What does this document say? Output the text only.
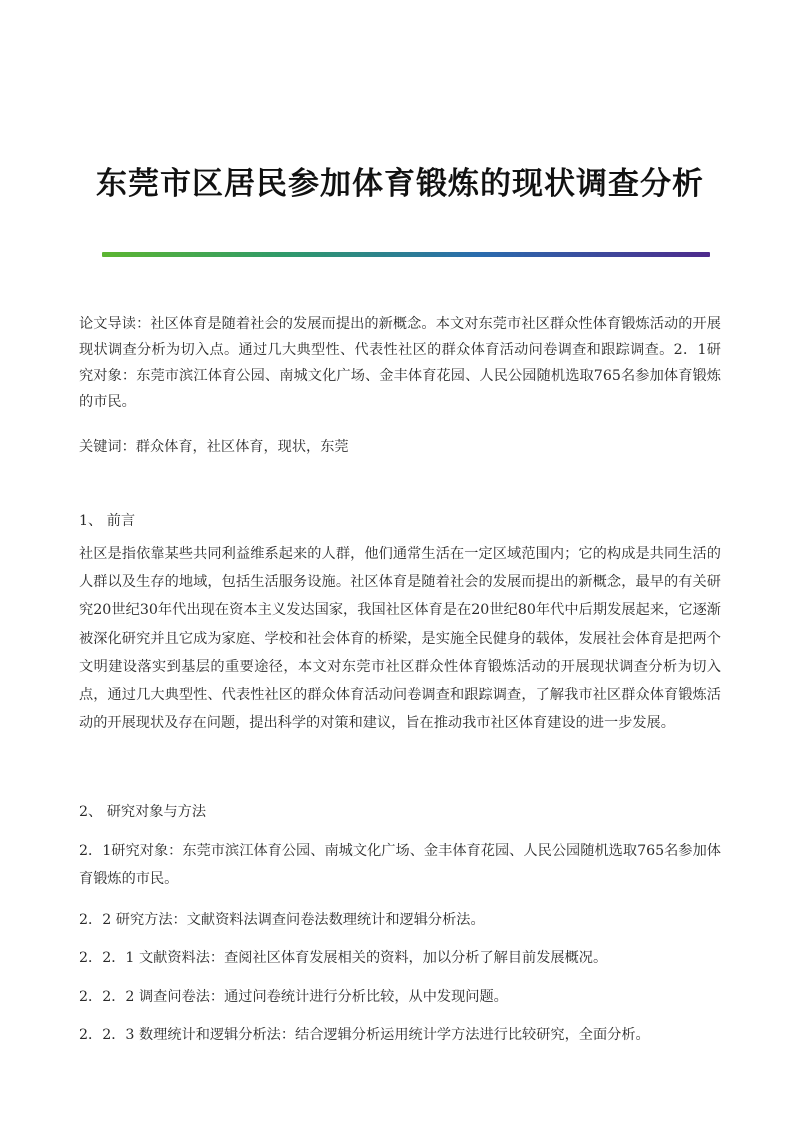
东莞市区居民参加体育锻炼的现状调查分析

论文导读：社区体育是随着社会的发展而提出的新概念。本文对东莞市社区群众性体育锻炼活动的开展现状调查分析为切入点。通过几大典型性、代表性社区的群众体育活动问卷调查和跟踪调查。2．1研究对象：东莞市滨江体育公园、南城文化广场、金丰体育花园、人民公园随机选取765名参加体育锻炼的市民。

关键词：群众体育，社区体育，现状，东莞

1、 前言

社区是指依靠某些共同利益维系起来的人群，他们通常生活在一定区域范围内；它的构成是共同生活的人群以及生存的地域，包括生活服务设施。社区体育是随着社会的发展而提出的新概念，最早的有关研究20世纪30年代出现在资本主义发达国家，我国社区体育是在20世纪80年代中后期发展起来，它逐渐被深化研究并且它成为家庭、学校和社会体育的桥梁，是实施全民健身的载体，发展社会体育是把两个文明建设落实到基层的重要途径，本文对东莞市社区群众性体育锻炼活动的开展现状调查分析为切入点，通过几大典型性、代表性社区的群众体育活动问卷调查和跟踪调查，了解我市社区群众体育锻炼活动的开展现状及存在问题，提出科学的对策和建议，旨在推动我市社区体育建设的进一步发展。

2、 研究对象与方法

2．1研究对象：东莞市滨江体育公园、南城文化广场、金丰体育花园、人民公园随机选取765名参加体育锻炼的市民。

2．2 研究方法：文献资料法调查问卷法数理统计和逻辑分析法。

2．2．1 文献资料法：查阅社区体育发展相关的资料，加以分析了解目前发展概况。

2．2．2 调查问卷法：通过问卷统计进行分析比较，从中发现问题。

2．2．3 数理统计和逻辑分析法：结合逻辑分析运用统计学方法进行比较研究，全面分析。
